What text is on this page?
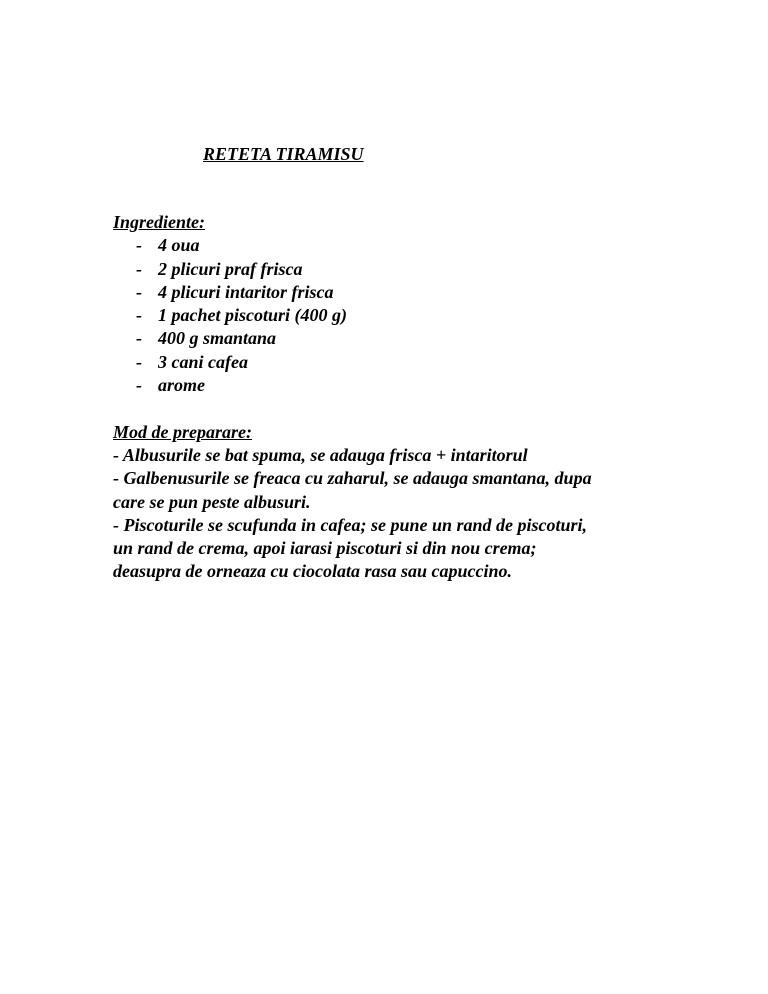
RETETA TIRAMISU
Ingrediente:
- 4 oua
- 2 plicuri praf frisca
- 4 plicuri intaritor frisca
- 1 pachet piscoturi (400 g)
- 400 g smantana
- 3 cani cafea
- arome
Mod de preparare:

- Albusurile se bat spuma, se adauga frisca + intaritorul

- Galbenusurile se freaca cu zaharul, se adauga smantana, dupa

care se pun peste albusuri.

- Piscoturile se scufunda in cafea; se pune un rand de piscoturi,

un rand de crema, apoi iarasi piscoturi si din nou crema;

deasupra de orneaza cu ciocolata rasa sau capuccino.
